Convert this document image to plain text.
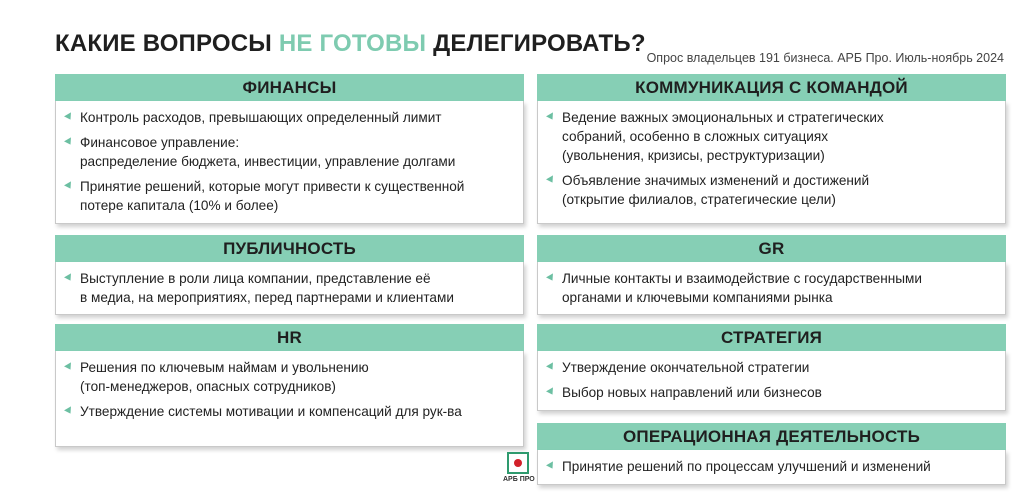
КАКИЕ ВОПРОСЫ НЕ ГОТОВЫ ДЕЛЕГИРОВАТЬ?
Опрос владельцев 191 бизнеса. АРБ Про. Июль-ноябрь 2024
ФИНАНСЫ
Контроль расходов, превышающих определенный лимит
Финансовое управление:
распределение бюджета, инвестиции, управление долгами
Принятие решений, которые могут привести к существенной
потере капитала (10% и более)
КОММУНИКАЦИЯ С КОМАНДОЙ
Ведение важных эмоциональных и стратегических
собраний, особенно в сложных ситуациях
(увольнения, кризисы, реструктуризации)
Объявление значимых изменений и достижений
(открытие филиалов, стратегические цели)
ПУБЛИЧНОСТЬ
Выступление в роли лица компании, представление её
в медиа, на мероприятиях, перед партнерами и клиентами
GR
Личные контакты и взаимодействие с государственными
органами и ключевыми компаниями рынка
HR
Решения по ключевым наймам и увольнению
(топ-менеджеров, опасных сотрудников)
Утверждение системы мотивации и компенсаций для рук-ва
СТРАТЕГИЯ
Утверждение окончательной стратегии
Выбор новых направлений или бизнесов
ОПЕРАЦИОННАЯ ДЕЯТЕЛЬНОСТЬ
Принятие решений по процессам улучшений и изменений
АРБ ПРО
